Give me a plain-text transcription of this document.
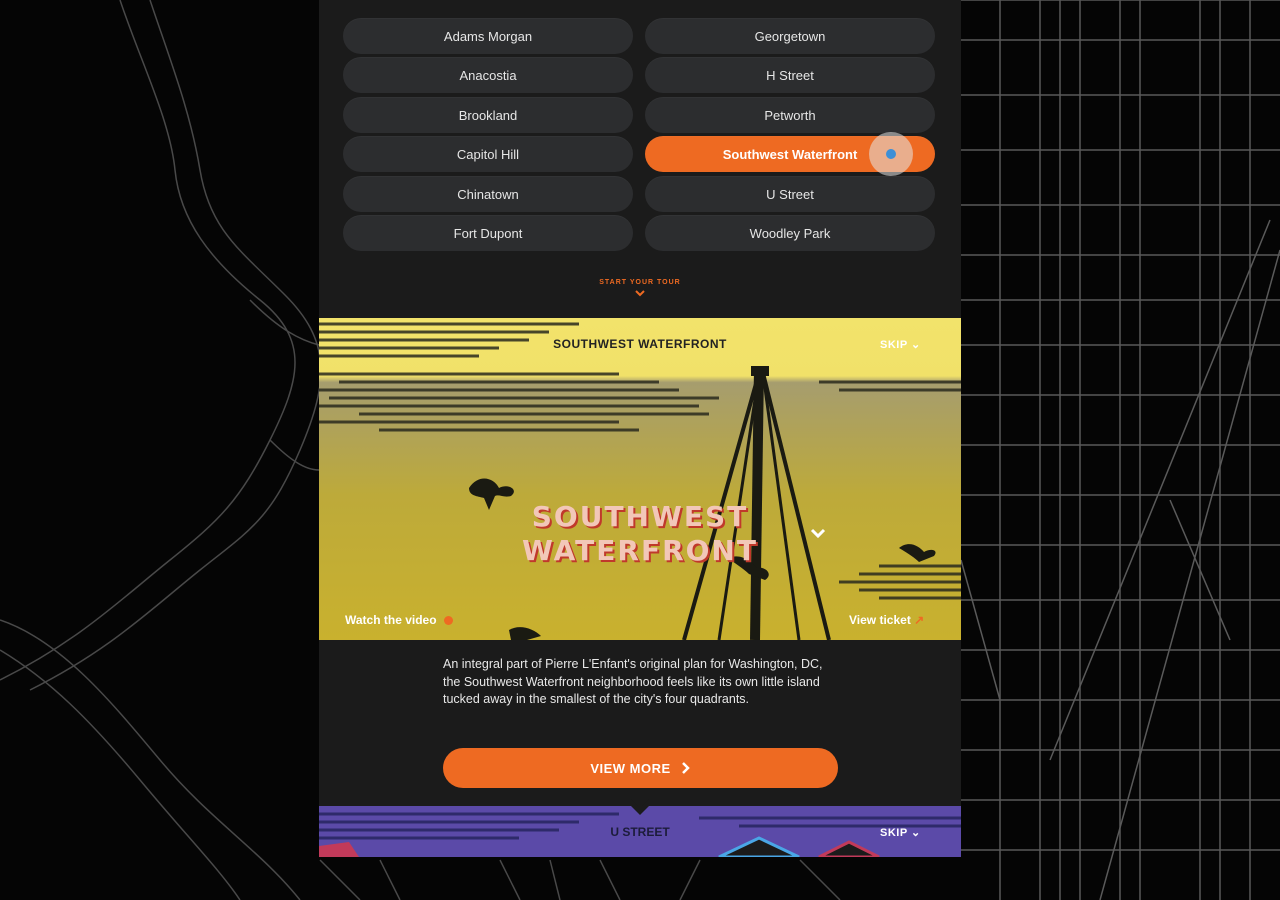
Adams Morgan
Anacostia
Brookland
Capitol Hill
Chinatown
Fort Dupont
Georgetown
H Street
Petworth
Southwest Waterfront
U Street
Woodley Park
START YOUR TOUR
SOUTHWEST WATERFRONT	SKIP ⌄
SOUTHWEST
WATERFRONT
Watch the video	View ticket ↗
An integral part of Pierre L'Enfant's original plan for Washington, DC, the Southwest Waterfront neighborhood feels like its own little island tucked away in the smallest of the city's four quadrants.
VIEW MORE
U STREET	SKIP ⌄
